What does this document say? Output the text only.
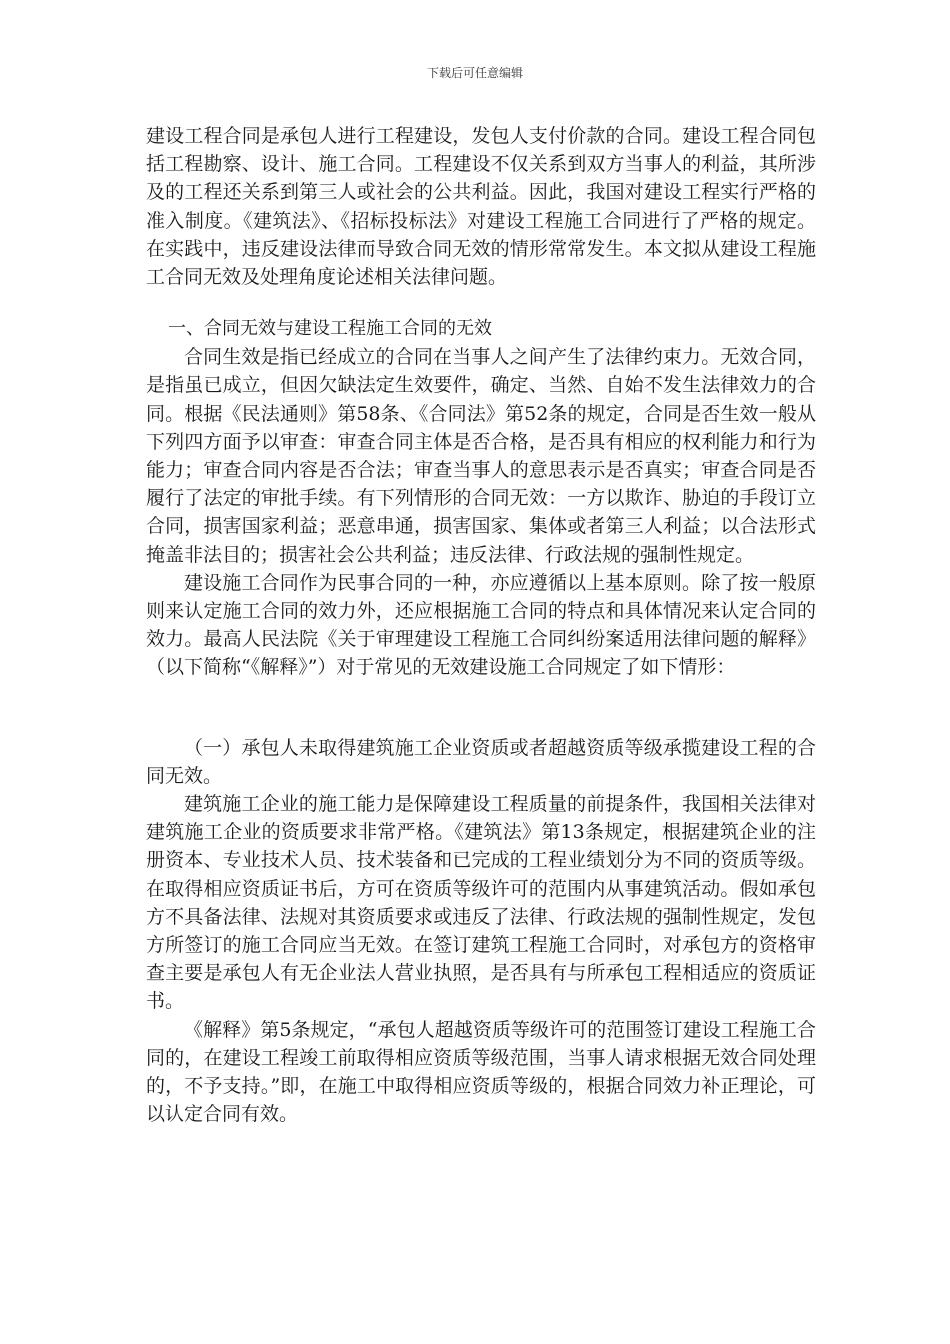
下载后可任意编辑

建设工程合同是承包人进行工程建设，发包人支付价款的合同。建设工程合同包括工程勘察、设计、施工合同。工程建设不仅关系到双方当事人的利益，其所涉及的工程还关系到第三人或社会的公共利益。因此，我国对建设工程实行严格的准入制度。《建筑法》、《招标投标法》对建设工程施工合同进行了严格的规定。在实践中，违反建设法律而导致合同无效的情形常常发生。本文拟从建设工程施工合同无效及处理角度论述相关法律问题。

一、合同无效与建设工程施工合同的无效

合同生效是指已经成立的合同在当事人之间产生了法律约束力。无效合同，是指虽已成立，但因欠缺法定生效要件，确定、当然、自始不发生法律效力的合同。根据《民法通则》第58条、《合同法》第52条的规定，合同是否生效一般从下列四方面予以审查：审查合同主体是否合格，是否具有相应的权利能力和行为能力；审查合同内容是否合法；审查当事人的意思表示是否真实；审查合同是否履行了法定的审批手续。有下列情形的合同无效：一方以欺诈、胁迫的手段订立合同，损害国家利益；恶意串通，损害国家、集体或者第三人利益；以合法形式掩盖非法目的；损害社会公共利益；违反法律、行政法规的强制性规定。

建设施工合同作为民事合同的一种，亦应遵循以上基本原则。除了按一般原则来认定施工合同的效力外，还应根据施工合同的特点和具体情况来认定合同的效力。最高人民法院《关于审理建设工程施工合同纠纷案适用法律问题的解释》（以下简称“《解释》”）对于常见的无效建设施工合同规定了如下情形：

（一）承包人未取得建筑施工企业资质或者超越资质等级承揽建设工程的合同无效。

建筑施工企业的施工能力是保障建设工程质量的前提条件，我国相关法律对建筑施工企业的资质要求非常严格。《建筑法》第13条规定，根据建筑企业的注册资本、专业技术人员、技术装备和已完成的工程业绩划分为不同的资质等级。在取得相应资质证书后，方可在资质等级许可的范围内从事建筑活动。假如承包方不具备法律、法规对其资质要求或违反了法律、行政法规的强制性规定，发包方所签订的施工合同应当无效。在签订建筑工程施工合同时，对承包方的资格审查主要是承包人有无企业法人营业执照，是否具有与所承包工程相适应的资质证书。

《解释》第5条规定，“承包人超越资质等级许可的范围签订建设工程施工合同的，在建设工程竣工前取得相应资质等级范围，当事人请求根据无效合同处理的，不予支持。”即，在施工中取得相应资质等级的，根据合同效力补正理论，可以认定合同有效。
